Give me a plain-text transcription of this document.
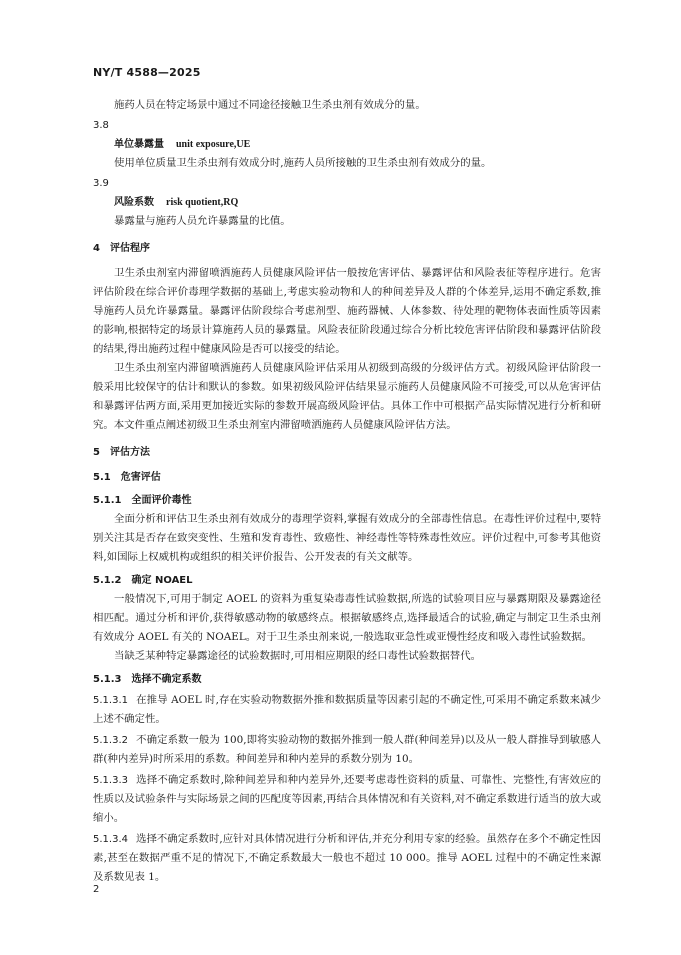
NY/T 4588—2025

施药人员在特定场景中通过不同途径接触卫生杀虫剂有效成分的量。

3.8

单位暴露量 unit exposure,UE

使用单位质量卫生杀虫剂有效成分时,施药人员所接触的卫生杀虫剂有效成分的量。

3.9

风险系数 risk quotient,RQ

暴露量与施药人员允许暴露量的比值。

4 评估程序

卫生杀虫剂室内滞留喷洒施药人员健康风险评估一般按危害评估、暴露评估和风险表征等程序进行。危害评估阶段在综合评价毒理学数据的基础上,考虑实验动物和人的种间差异及人群的个体差异,运用不确定系数,推导施药人员允许暴露量。暴露评估阶段综合考虑剂型、施药器械、人体参数、待处理的靶物体表面性质等因素的影响,根据特定的场景计算施药人员的暴露量。风险表征阶段通过综合分析比较危害评估阶段和暴露评估阶段的结果,得出施药过程中健康风险是否可以接受的结论。

卫生杀虫剂室内滞留喷洒施药人员健康风险评估采用从初级到高级的分级评估方式。初级风险评估阶段一般采用比较保守的估计和默认的参数。如果初级风险评估结果显示施药人员健康风险不可接受,可以从危害评估和暴露评估两方面,采用更加接近实际的参数开展高级风险评估。具体工作中可根据产品实际情况进行分析和研究。本文件重点阐述初级卫生杀虫剂室内滞留喷洒施药人员健康风险评估方法。

5 评估方法
5.1 危害评估
5.1.1 全面评价毒性

全面分析和评估卫生杀虫剂有效成分的毒理学资料,掌握有效成分的全部毒性信息。在毒性评价过程中,要特别关注其是否存在致突变性、生殖和发育毒性、致癌性、神经毒性等特殊毒性效应。评价过程中,可参考其他资料,如国际上权威机构或组织的相关评价报告、公开发表的有关文献等。

5.1.2 确定 NOAEL

一般情况下,可用于制定 AOEL 的资料为重复染毒毒性试验数据,所选的试验项目应与暴露期限及暴露途径相匹配。通过分析和评价,获得敏感动物的敏感终点。根据敏感终点,选择最适合的试验,确定与制定卫生杀虫剂有效成分 AOEL 有关的 NOAEL。对于卫生杀虫剂来说,一般选取亚急性或亚慢性经皮和吸入毒性试验数据。

当缺乏某种特定暴露途径的试验数据时,可用相应期限的经口毒性试验数据替代。

5.1.3 选择不确定系数

5.1.3.1 在推导 AOEL 时,存在实验动物数据外推和数据质量等因素引起的不确定性,可采用不确定系数来减少上述不确定性。

5.1.3.2 不确定系数一般为 100,即将实验动物的数据外推到一般人群(种间差异)以及从一般人群推导到敏感人群(种内差异)时所采用的系数。种间差异和种内差异的系数分别为 10。

5.1.3.3 选择不确定系数时,除种间差异和种内差异外,还要考虑毒性资料的质量、可靠性、完整性,有害效应的性质以及试验条件与实际场景之间的匹配度等因素,再结合具体情况和有关资料,对不确定系数进行适当的放大或缩小。

5.1.3.4 选择不确定系数时,应针对具体情况进行分析和评估,并充分利用专家的经验。虽然存在多个不确定性因素,甚至在数据严重不足的情况下,不确定系数最大一般也不超过 10 000。推导 AOEL 过程中的不确定性来源及系数见表 1。

2
